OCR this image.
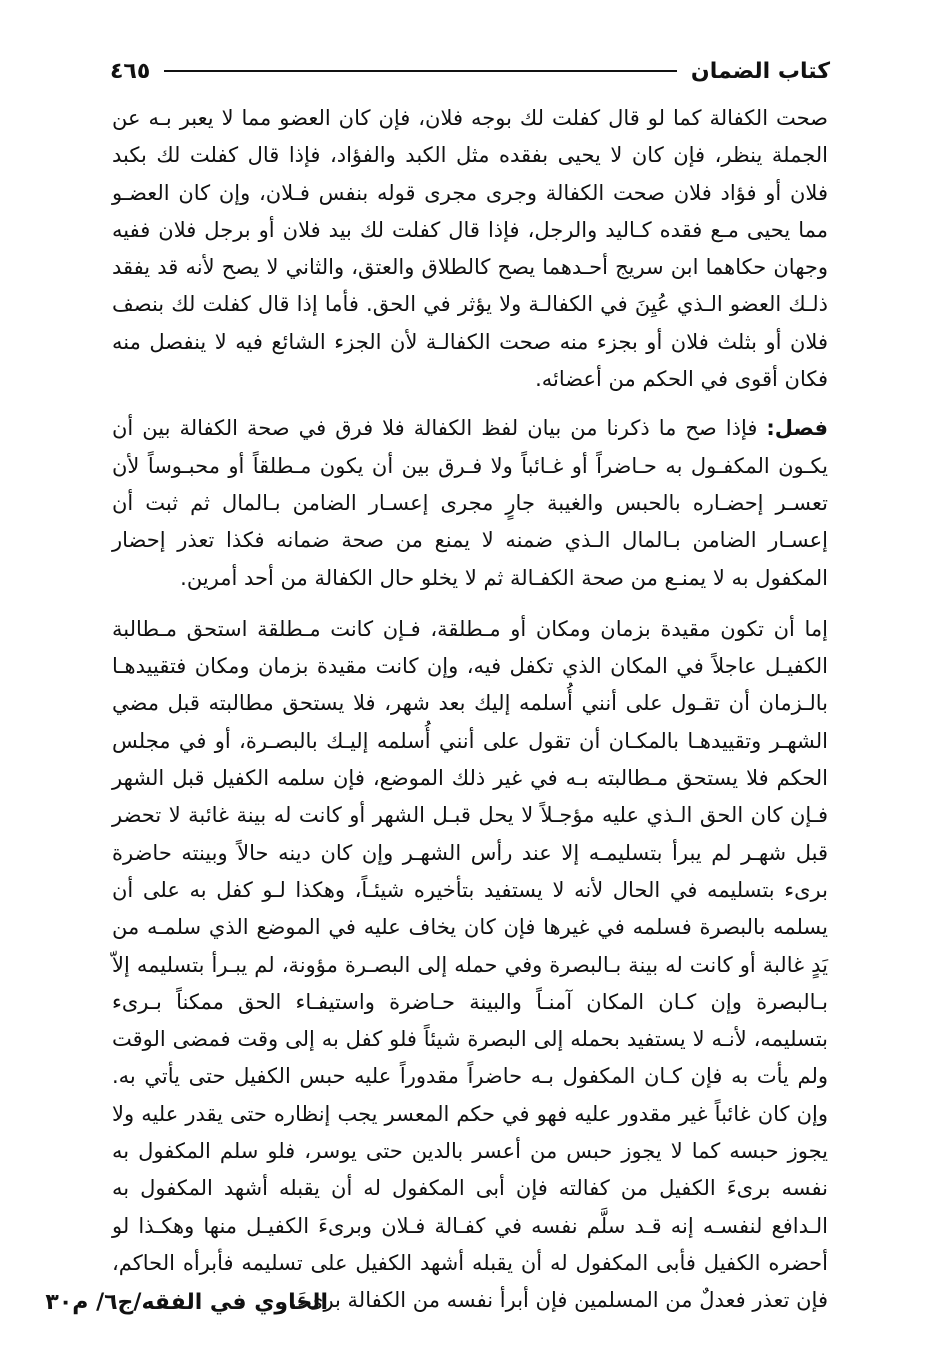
كتاب الضمان
٤٦٥

صحت الكفالة كما لو قال كفلت لك بوجه فلان، فإن كان العضو مما لا يعبر بـه عن الجملة ينظر، فإن كان لا يحيى بفقده مثل الكبد والفؤاد، فإذا قال كفلت لك بكبد فلان أو فؤاد فلان صحت الكفالة وجرى مجرى قوله بنفس فـلان، وإن كان العضـو مما يحيى مـع فقده كـاليد والرجل، فإذا قال كفلت لك بيد فلان أو برجل فلان ففيه وجهان حكاهما ابن سريج أحـدهما يصح كالطلاق والعتق، والثاني لا يصح لأنه قد يفقد ذلـك العضو الـذي عُيِنَ في الكفالـة ولا يؤثر في الحق. فأما إذا قال كفلت لك بنصف فلان أو بثلث فلان أو بجزء منه صحت الكفالـة لأن الجزء الشائع فيه لا ينفصل منه فكان أقوى في الحكم من أعضائه.

فصل: فإذا صح ما ذكرنا من بيان لفظ الكفالة فلا فرق في صحة الكفالة بين أن يكـون المكفـول به حـاضراً أو غـائباً ولا فـرق بين أن يكون مـطلقاً أو محبـوساً لأن تعسـر إحضـاره بالحبس والغيبة جارٍ مجرى إعسـار الضامن بـالمال ثم ثبت أن إعسـار الضامن بـالمال الـذي ضمنه لا يمنع من صحة ضمانه فكذا تعذر إحضار المكفول به لا يمنـع من صحة الكفـالة ثم لا يخلو حال الكفالة من أحد أمرين.

إما أن تكون مقيدة بزمان ومكان أو مـطلقة، فـإن كانت مـطلقة استحق مـطالبة الكفيـل عاجلاً في المكان الذي تكفل فيه، وإن كانت مقيدة بزمان ومكان فتقييدهـا بالـزمان أن تقـول على أنني أُسلمه إليك بعد شهر، فلا يستحق مطالبته قبل مضي الشهـر وتقييدهـا بالمكـان أن تقول على أنني أُسلمه إليـك بالبصـرة، أو في مجلس الحكم فلا يستحق مـطالبته بـه في غير ذلك الموضع، فإن سلمه الكفيل قبل الشهر فـإن كان الحق الـذي عليه مؤجـلاً لا يحل قبـل الشهر أو كانت له بينة غائبة لا تحضر قبل شهـر لم يبرأ بتسليمـه إلا عند رأس الشهـر وإن كان دينه حالاً وبينته حاضرة برىء بتسليمه في الحال لأنه لا يستفيد بتأخيره شيئـاً، وهكذا لـو كفل به على أن يسلمه بالبصرة فسلمه في غيرها فإن كان يخاف عليه في الموضع الذي سلمـه من يَدٍ غالبة أو كانت له بينة بـالبصرة وفي حمله إلى البصـرة مؤونة، لم يبـرأ بتسليمه إلاّ بـالبصرة وإن كـان المكان آمنـاً والبينة حـاضرة واستيفـاء الحق ممكناً بـرىء بتسليمه، لأنـه لا يستفيد بحمله إلى البصرة شيئاً فلو كفل به إلى وقت فمضى الوقت ولم يأت به فإن كـان المكفول بـه حاضراً مقدوراً عليه حبس الكفيل حتى يأتي به. وإن كان غائباً غير مقدور عليه فهو في حكم المعسر يجب إنظاره حتى يقدر عليه ولا يجوز حبسه كما لا يجوز حبس من أعسر بالدين حتى يوسر، فلو سلم المكفول به نفسه برىءَ الكفيل من كفالته فإن أبى المكفول له أن يقبله أشهد المكفول به الـدافع لنفسـه إنه قـد سلَّم نفسه في كفـالة فـلان وبرىءَ الكفيـل منها وهكـذا لو أحضره الكفيل فأبى المكفول له أن يقبله أشهد الكفيل على تسليمه فأبرأه الحاكم، فإن تعذر فعدلٌ من المسلمين فإن أبرأ نفسه من الكفالة برىءَ.

الحاوي في الفقه/ج٦/ م٣٠
